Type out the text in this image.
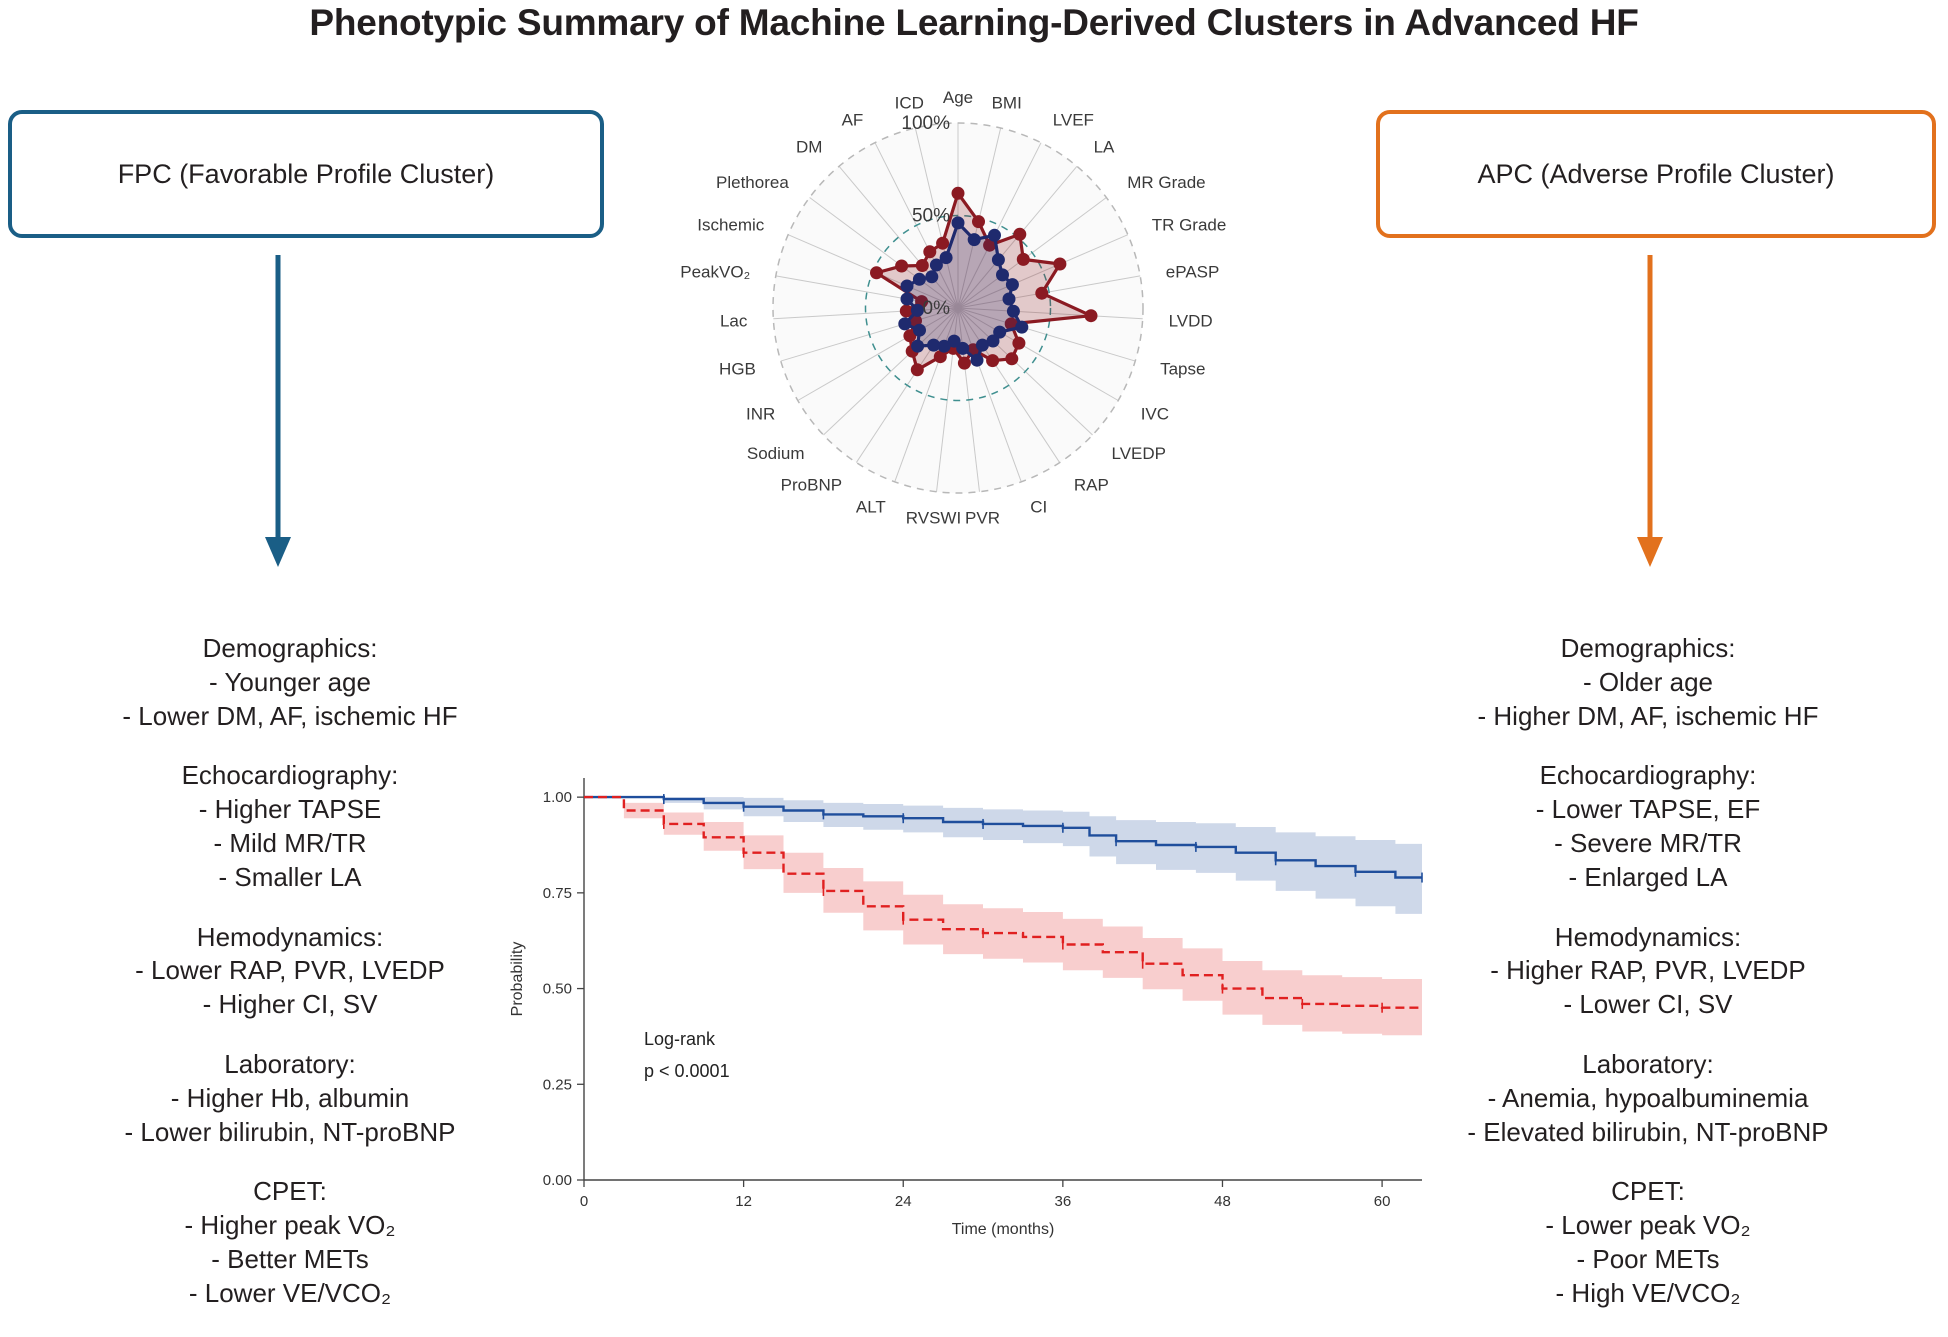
Phenotypic Summary of Machine Learning-Derived Clusters in Advanced HF
FPC (Favorable Profile Cluster)	APC (Adverse Profile Cluster)
Demographics:
- Younger age
- Lower DM, AF, ischemic HF
Echocardiography:
- Higher TAPSE
- Mild MR/TR
- Smaller LA
Hemodynamics:
- Lower RAP, PVR, LVEDP
- Higher CI, SV
Laboratory:
- Higher Hb, albumin
- Lower bilirubin, NT-proBNP
CPET:
- Higher peak VO₂
- Better METs
- Lower VE/VCO₂
Demographics:
- Older age
- Higher DM, AF, ischemic HF
Echocardiography:
- Lower TAPSE, EF
- Severe MR/TR
- Enlarged LA
Hemodynamics:
- Higher RAP, PVR, LVEDP
- Lower CI, SV
Laboratory:
- Anemia, hypoalbuminemia
- Elevated bilirubin, NT-proBNP
CPET:
- Lower peak VO₂
- Poor METs
- High VE/VCO₂
0%
50%
100%
Age BMI
LVEF
LA
MR Grade
TR Grade
ePASP
LVDD
Tapse
IVC
LVEDP
RAP
CI
PVR
RVSWI
ALT
ProBNP
Sodium
INR
HGB
Lac
PeakVO₂
Ischemic
Plethorea
DM
AF
ICD
0.00
0.25
0.50
0.75
1.00
0	12	24	36	48	60
Time (months)
Probability
Log-rank
p < 0.0001
